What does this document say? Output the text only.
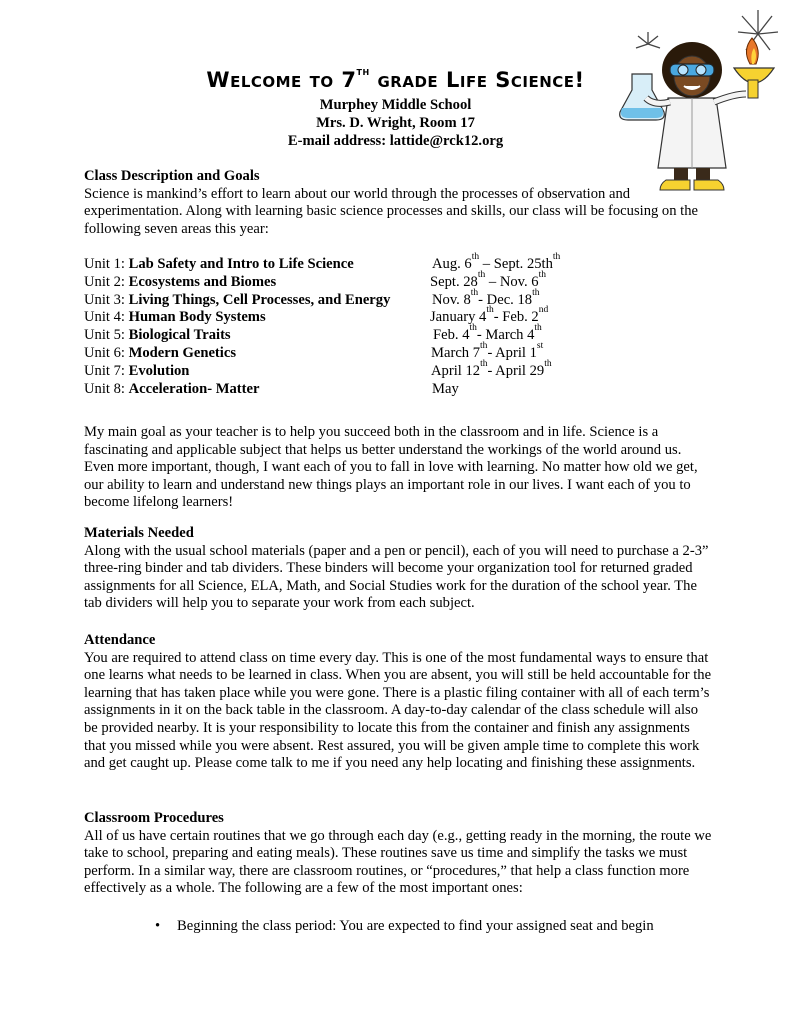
Welcome to 7th grade Life Science!
Murphey Middle School
Mrs. D. Wright, Room 17
E-mail address: lattide@rck12.org
Class Description and Goals

Science is mankind’s effort to learn about our world through the processes of observation and experimentation. Along with learning basic science processes and skills, our class will be focusing on the following seven areas this year:

Unit 1: Lab Safety and Intro to Life Science	Aug. 6th – Sept. $25th^{th}$
Unit 2: Ecosystems and Biomes	Sept. 28th – Nov. 6th
Unit 3: Living Things, Cell Processes, and Energy	Nov. 8th- Dec. 18th
Unit 4: Human Body Systems	January 4th- Feb. 2nd
Unit 5: Biological Traits	Feb. 4th- March 4th
Unit 6: Modern Genetics	March 7th- April 1st
Unit 7: Evolution	April 12th- April 29th
Unit 8: Acceleration- Matter	May

My main goal as your teacher is to help you succeed both in the classroom and in life. Science is a fascinating and applicable subject that helps us better understand the workings of the world around us. Even more important, though, I want each of you to fall in love with learning. No matter how old we get, our ability to learn and understand new things plays an important role in our lives. I want each of you to become lifelong learners!

Materials Needed

Along with the usual school materials (paper and a pen or pencil), each of you will need to purchase a 2-3” three-ring binder and tab dividers. These binders will become your organization tool for returned graded assignments for all Science, ELA, Math, and Social Studies work for the duration of the school year. The tab dividers will help you to separate your work from each subject.

Attendance

You are required to attend class on time every day. This is one of the most fundamental ways to ensure that one learns what needs to be learned in class. When you are absent, you will still be held accountable for the learning that has taken place while you were gone. There is a plastic filing container with all of each term’s assignments in it on the back table in the classroom. A day-to-day calendar of the class schedule will also be provided nearby. It is your responsibility to locate this from the container and finish any assignments that you missed while you were absent. Rest assured, you will be given ample time to complete this work and get caught up. Please come talk to me if you need any help locating and finishing these assignments.

Classroom Procedures

All of us have certain routines that we go through each day (e.g., getting ready in the morning, the route we take to school, preparing and eating meals). These routines save us time and simplify the tasks we must perform. In a similar way, there are classroom routines, or “procedures,” that help a class function more effectively as a whole. The following are a few of the most important ones:

• Beginning the class period: You are expected to find your assigned seat and begin
